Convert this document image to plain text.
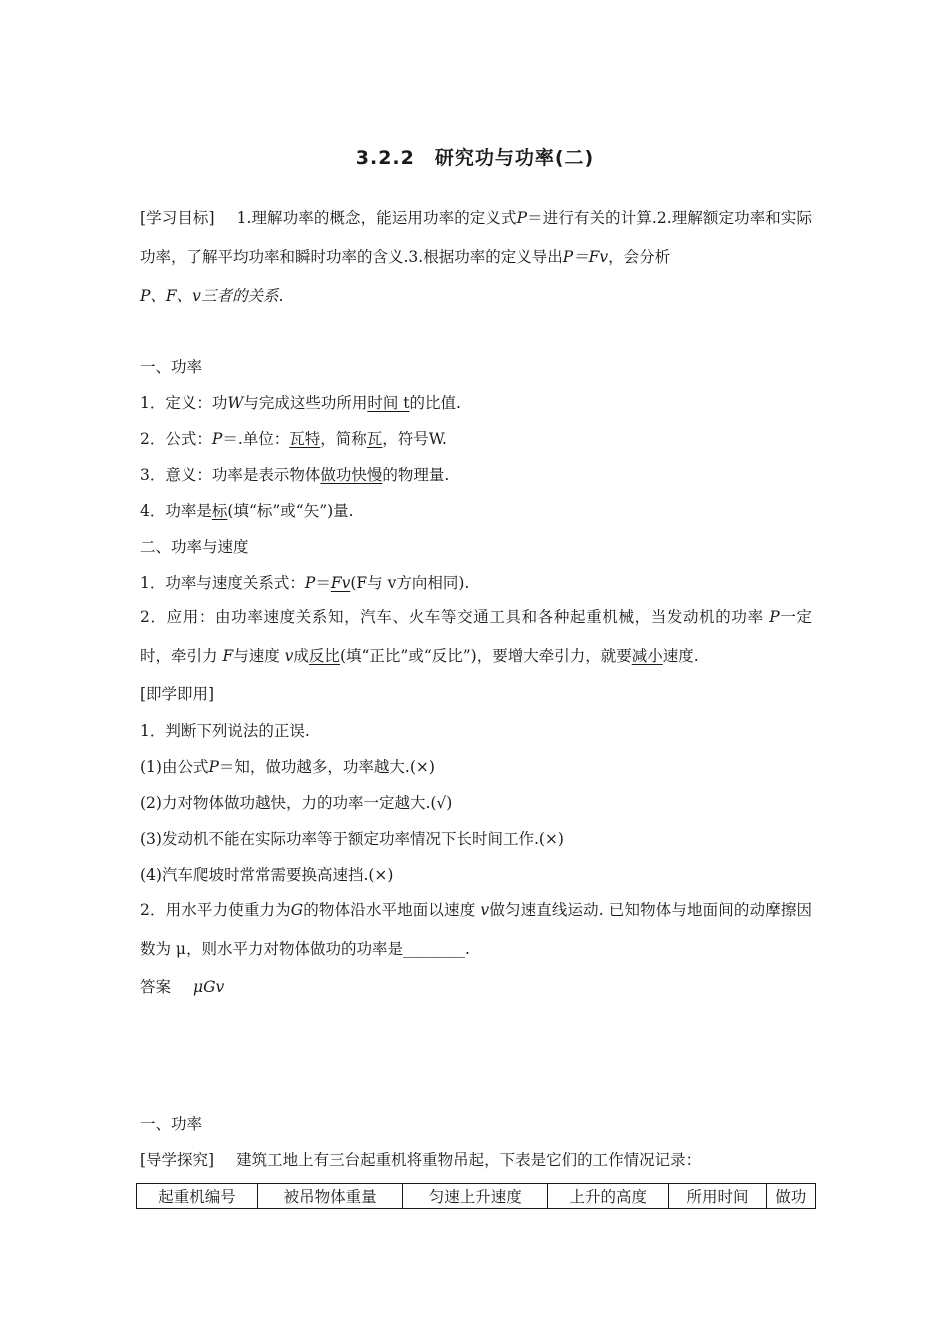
3.2.2　研究功与功率(二)
[学习目标] 1.理解功率的概念，能运用功率的定义式P＝进行有关的计算.2.理解额定功率和实际功率，了解平均功率和瞬时功率的含义.3.根据功率的定义导出P＝Fv，会分析
P、F、v三者的关系.
一、功率
1．定义：功W与完成这些功所用时间 t的比值.
2．公式：P＝.单位：瓦特，简称瓦，符号W.
3．意义：功率是表示物体做功快慢的物理量.
4．功率是标(填“标”或“矢”)量.
二、功率与速度
1．功率与速度关系式：P＝Fv(F与 v方向相同).
2．应用：由功率速度关系知，汽车、火车等交通工具和各种起重机械，当发动机的功率 P一定时，牵引力 F与速度 v成反比(填“正比”或“反比”)，要增大牵引力，就要减小速度.
[即学即用]
1．判断下列说法的正误.
(1)由公式P＝知，做功越多，功率越大.(×)
(2)力对物体做功越快，力的功率一定越大.(√)
(3)发动机不能在实际功率等于额定功率情况下长时间工作.(×)
(4)汽车爬坡时常常需要换高速挡.(×)
2．用水平力使重力为G的物体沿水平地面以速度 v做匀速直线运动. 已知物体与地面间的动摩擦因数为 μ，则水平力对物体做功的功率是________.
答案 μGv
一、功率
[导学探究] 建筑工地上有三台起重机将重物吊起，下表是它们的工作情况记录：
起重机编号	被吊物体重量	匀速上升速度	上升的高度	所用时间	做功
